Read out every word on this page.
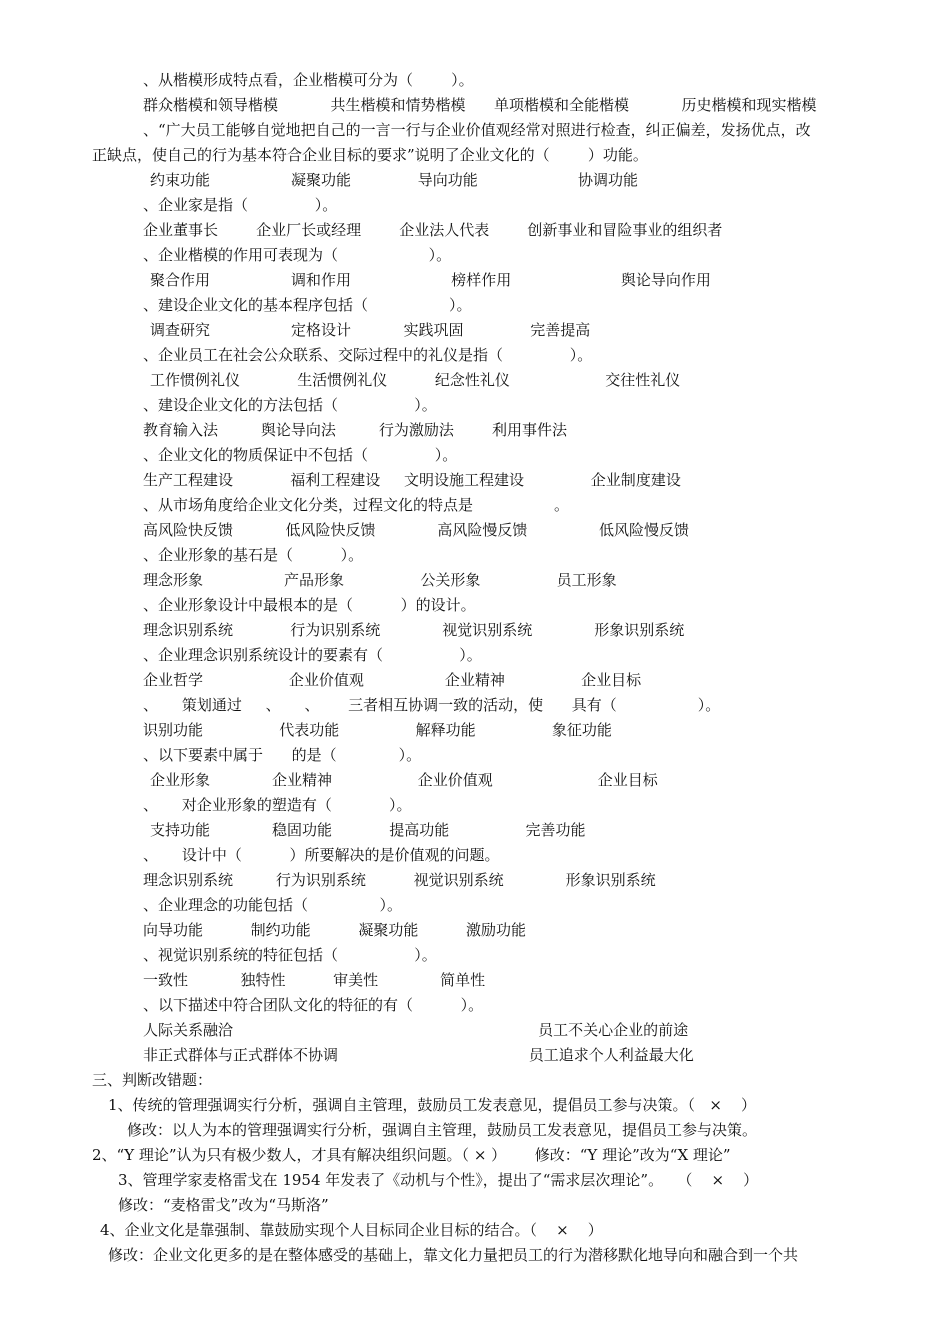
、从楷模形成特点看，企业楷模可分为（        ）。
群众楷模和领导楷模           共生楷模和情势楷模      单项楷模和全能楷模           历史楷模和现实楷模
、“广大员工能够自觉地把自己的一言一行与企业价值观经常对照进行检查，纠正偏差，发扬优点，改
正缺点，使自己的行为基本符合企业目标的要求”说明了企业文化的（        ）功能。
约束功能                 凝聚功能              导向功能                     协调功能
、企业家是指（              ）。
企业董事长        企业厂长或经理        企业法人代表        创新事业和冒险事业的组织者
、企业楷模的作用可表现为（                   ）。
聚合作用                 调和作用                     榜样作用                       舆论导向作用
、建设企业文化的基本程序包括（                 ）。
调查研究                 定格设计           实践巩固              完善提高
、企业员工在社会公众联系、交际过程中的礼仪是指（              ）。
工作惯例礼仪            生活惯例礼仪          纪念性礼仪                    交往性礼仪
、建设企业文化的方法包括（                ）。
教育输入法         舆论导向法         行为激励法        利用事件法
、企业文化的物质保证中不包括（              ）。
生产工程建设            福利工程建设     文明设施工程建设              企业制度建设
、从市场角度给企业文化分类，过程文化的特点是                 。
高风险快反馈           低风险快反馈             高风险慢反馈               低风险慢反馈
、企业形象的基石是（          ）。
理念形象                 产品形象                公关形象                员工形象
、企业形象设计中最根本的是（          ）的设计。
理念识别系统            行为识别系统             视觉识别系统             形象识别系统
、企业理念识别系统设计的要素有（                ）。
企业哲学                  企业价值观                 企业精神                企业目标
、     策划通过     、     、      三者相互协调一致的活动，使      具有（                 ）。
识别功能                代表功能                解释功能                象征功能
、以下要素中属于      的是（             ）。
企业形象             企业精神                  企业价值观                      企业目标
、     对企业形象的塑造有（            ）。
支持功能             稳固功能            提高功能                完善功能
、     设计中（          ）所要解决的是价值观的问题。
理念识别系统         行为识别系统          视觉识别系统             形象识别系统
、企业理念的功能包括（               ）。
向导功能          制约功能          凝聚功能          激励功能
、视觉识别系统的特征包括（                ）。
一致性           独特性          审美性             简单性
、以下描述中符合团队文化的特征的有（          ）。
人际关系融洽                                                                员工不关心企业的前途
非正式群体与正式群体不协调                                        员工追求个人利益最大化
三、判断改错题：
1、传统的管理强调实行分析，强调自主管理，鼓励员工发表意见，提倡员工参与决策。（   ×    ）
修改：以人为本的管理强调实行分析，强调自主管理，鼓励员工发表意见，提倡员工参与决策。
2、“Y 理论”认为只有极少数人，才具有解决组织问题。（ × ）      修改：“Y 理论”改为“X 理论”
3、管理学家麦格雷戈在 1954 年发表了《动机与个性》，提出了“需求层次理论”。   （    ×    ）
修改：“麦格雷戈”改为“马斯洛”
4、企业文化是靠强制、靠鼓励实现个人目标同企业目标的结合。（    ×    ）
修改：企业文化更多的是在整体感受的基础上，靠文化力量把员工的行为潜移默化地导向和融合到一个共
